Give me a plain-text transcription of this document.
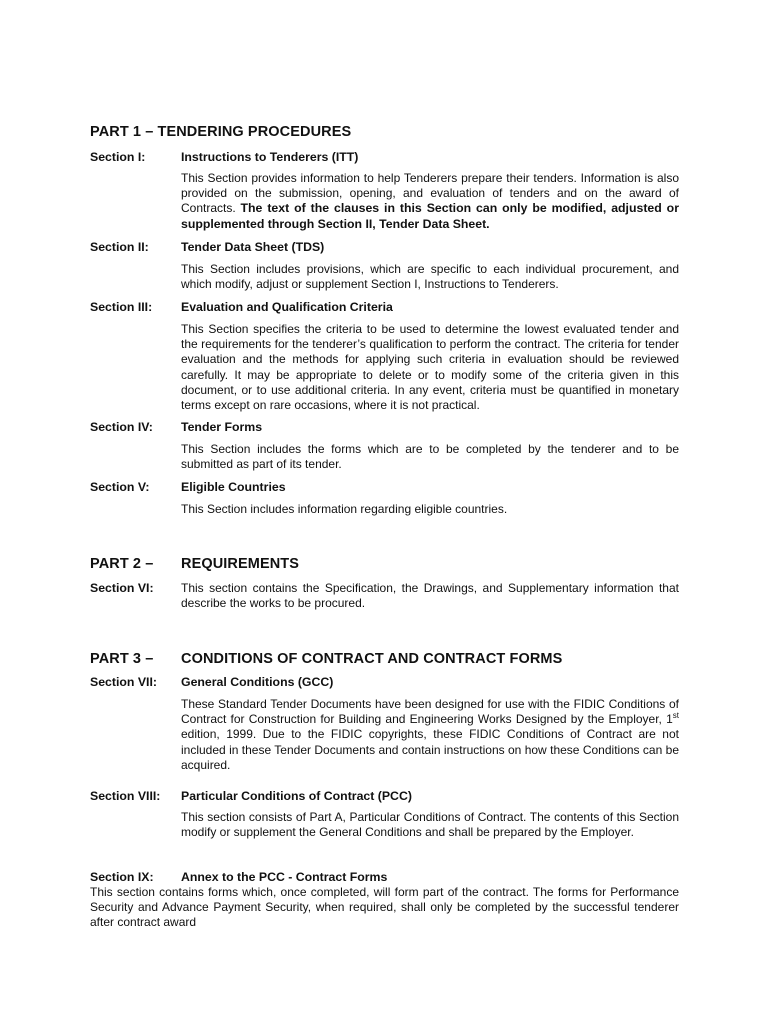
PART 1 – TENDERING PROCEDURES
Section I:	Instructions to Tenderers (ITT)
This Section provides information to help Tenderers prepare their tenders. Information is also provided on the submission, opening, and evaluation of tenders and on the award of Contracts. The text of the clauses in this Section can only be modified, adjusted or supplemented through Section II, Tender Data Sheet.
Section II:	Tender Data Sheet (TDS)
This Section includes provisions, which are specific to each individual procurement, and which modify, adjust or supplement Section I, Instructions to Tenderers.
Section III: Evaluation and Qualification Criteria
This Section specifies the criteria to be used to determine the lowest evaluated tender and the requirements for the tenderer’s qualification to perform the contract. The criteria for tender evaluation and the methods for applying such criteria in evaluation should be reviewed carefully. It may be appropriate to delete or to modify some of the criteria given in this document, or to use additional criteria. In any event, criteria must be quantified in monetary terms except on rare occasions, where it is not practical.
Section IV: Tender Forms
This Section includes the forms which are to be completed by the tenderer and to be submitted as part of its tender.
Section V:	Eligible Countries
This Section includes information regarding eligible countries.
PART 2 – REQUIREMENTS
Section VI: This section contains the Specification, the Drawings, and Supplementary information that describe the works to be procured.
PART 3 – CONDITIONS OF CONTRACT AND CONTRACT FORMS
Section VII: General Conditions (GCC)
These Standard Tender Documents have been designed for use with the FIDIC Conditions of Contract for Construction for Building and Engineering Works Designed by the Employer, 1st edition, 1999. Due to the FIDIC copyrights, these FIDIC Conditions of Contract are not included in these Tender Documents and contain instructions on how these Conditions can be acquired.
Section VIII: Particular Conditions of Contract (PCC)
This section consists of Part A, Particular Conditions of Contract. The contents of this Section modify or supplement the General Conditions and shall be prepared by the Employer.
Section IX: Annex to the PCC - Contract Forms
This section contains forms which, once completed, will form part of the contract. The forms for Performance Security and Advance Payment Security, when required, shall only be completed by the successful tenderer after contract award
